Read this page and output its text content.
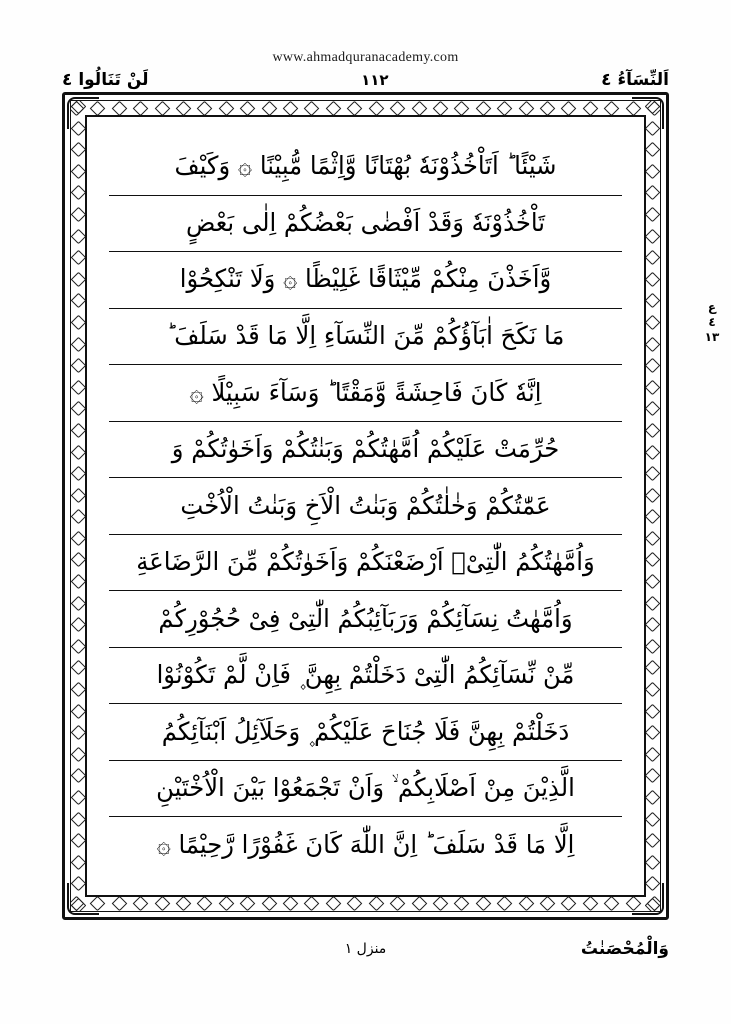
www.ahmadquranacademy.com
اَلنِّسَآءُ ٤
١١٢
لَنْ تَنَالُوا ٤
شَيْئًا ؕ اَتَاْخُذُوْنَهٗ بُهْتَانًا وَّاِثْمًا مُّبِيْنًا ۞ وَكَيْفَ
تَاْخُذُوْنَهٗ وَقَدْ اَفْضٰى بَعْضُكُمْ اِلٰى بَعْضٍ
وَّاَخَذْنَ مِنْكُمْ مِّيْثَاقًا غَلِيْظًا ۞ وَلَا تَنْكِحُوْا
مَا نَكَحَ اٰبَآؤُكُمْ مِّنَ النِّسَآءِ اِلَّا مَا قَدْ سَلَفَ ؕ
اِنَّهٗ كَانَ فَاحِشَةً وَّمَقْتًا ؕ وَسَآءَ سَبِيْلًا ۞
حُرِّمَتْ عَلَيْكُمْ اُمَّهٰتُكُمْ وَبَنٰتُكُمْ وَاَخَوٰتُكُمْ وَ
عَمّٰتُكُمْ وَخٰلٰتُكُمْ وَبَنٰتُ الْاَخِ وَبَنٰتُ الْاُخْتِ
وَاُمَّهٰتُكُمُ الّٰتِىْۤ اَرْضَعْنَكُمْ وَاَخَوٰتُكُمْ مِّنَ الرَّضَاعَةِ
وَاُمَّهٰتُ نِسَآئِكُمْ وَرَبَآئِبُكُمُ الّٰتِىْ فِىْ حُجُوْرِكُمْ
مِّنْ نِّسَآئِكُمُ الّٰتِىْ دَخَلْتُمْ بِهِنَّ ۪ فَاِنْ لَّمْ تَكُوْنُوْا
دَخَلْتُمْ بِهِنَّ فَلَا جُنَاحَ عَلَيْكُمْ ۪ وَحَلَآئِلُ اَبْنَآئِكُمُ
الَّذِيْنَ مِنْ اَصْلَابِكُمْ ۙ وَاَنْ تَجْمَعُوْا بَيْنَ الْاُخْتَيْنِ
اِلَّا مَا قَدْ سَلَفَ ؕ اِنَّ اللّٰهَ كَانَ غَفُوْرًا رَّحِيْمًا ۞
ع ٤ ١٣
وَالْمُحْصَنٰتُ
منزل ١
